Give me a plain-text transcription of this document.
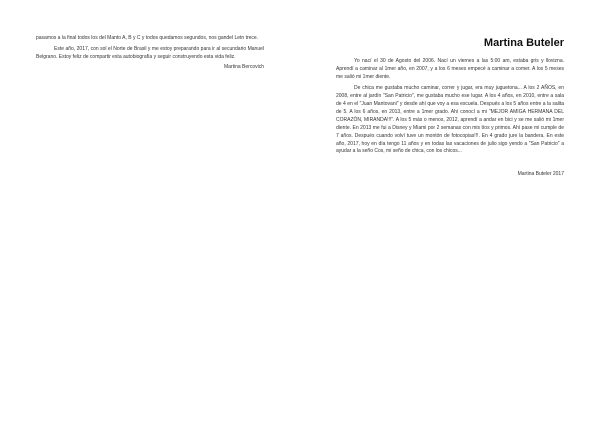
pasamos a la final todos los del Manto A, B y C y todos quedamos segundos, nos gandel Letn trece.

Este año, 2017, con sol el Norte de Brasil y me estoy preparando para ir al secundario Manuel Belgrano. Estoy feliz de compartir esta autobiografía y seguir construyendo esta vida feliz.

Martina Bercovich

Martina Buteler

Yo nací el 30 de Agosto del 2006. Nací un viernes a las 5:00 am, estaba gris y llovizna. Aprendí a caminar al 1mer año, en 2007, y a los 6 meses empecé a caminar a comer. A los 5 meses me salió mi 1mer diente.

De chica me gustaba mucho caminar, correr y jugar, era muy juguetona... A los 2 AÑOS, en 2008, entre al jardín "San Patricio", me gustaba mucho ese lugar. A los 4 años, en 2010, entre a sala de 4 en el "Juan Mantovani" y desde ahí que voy a esa escuela. Después a los 5 años entre a la salita de 5. A los 6 años, en 2013, entre a 1mer grado. Ahí conocí a mi "MEJOR AMIGA HERMANA DEL CORAZÓN, MIRANDA!!!". A los 5 más o menos, 2012, aprendí a andar en bici y se me salió mi 1mer diente. En 2013 me fui a Disney y Miami por 2 semanas con mis tíos y primos. Ahí pase mi cumple de 7 años. Después cuando volví tuve un montón de fotocopias!!!. En 4 grado jure la bandera. En este año, 2017, hoy en día tengo 11 años y en todas las vacaciones de julio sigo yendo a "San Patricio" a ayudar a la seño Cos, mi seño de chica, con los chicos...

Martina Buteler 2017
